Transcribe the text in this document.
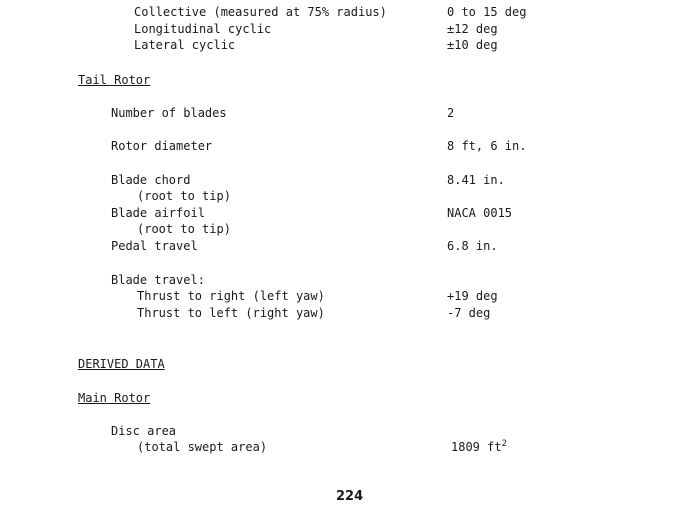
Collective (measured at 75% radius)	0 to 15 deg
Longitudinal cyclic	±12 deg
Lateral cyclic	±10 deg
Tail Rotor
Number of blades	2
Rotor diameter	8 ft, 6 in.
Blade chord	8.41 in.
(root to tip)
Blade airfoil	NACA 0015
(root to tip)
Pedal travel	6.8 in.
Blade travel:
Thrust to right (left yaw)	+19 deg
Thrust to left (right yaw)	-7 deg
DERIVED DATA
Main Rotor
Disc area
(total swept area)	1809 $ft^2$
224
